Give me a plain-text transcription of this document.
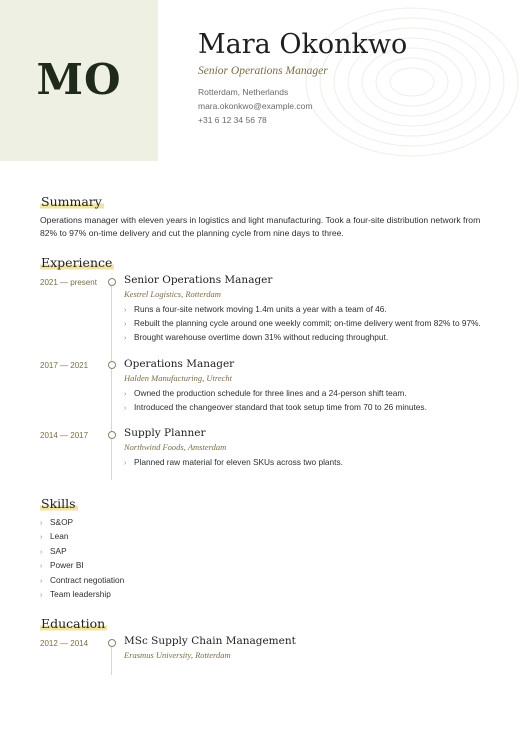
MO
Mara Okonkwo
Senior Operations Manager
Rotterdam, Netherlands
mara.okonkwo@example.com
+31 6 12 34 56 78
Summary
Operations manager with eleven years in logistics and light manufacturing. Took a four-site distribution network from 82% to 97% on-time delivery and cut the planning cycle from nine days to three.
Experience
2021 — present	Senior Operations Manager
Kestrel Logistics, Rotterdam
› Runs a four-site network moving 1.4m units a year with a team of 46.
› Rebuilt the planning cycle around one weekly commit; on-time delivery went from 82% to 97%.
› Brought warehouse overtime down 31% without reducing throughput.
2017 — 2021	Operations Manager
Halden Manufacturing, Utrecht
› Owned the production schedule for three lines and a 24-person shift team.
› Introduced the changeover standard that took setup time from 70 to 26 minutes.
2014 — 2017	Supply Planner
Northwind Foods, Amsterdam
› Planned raw material for eleven SKUs across two plants.
Skills
› S&OP
› Lean
› SAP
› Power BI
› Contract negotiation
› Team leadership
Education
2012 — 2014	MSc Supply Chain Management
Erasmus University, Rotterdam
